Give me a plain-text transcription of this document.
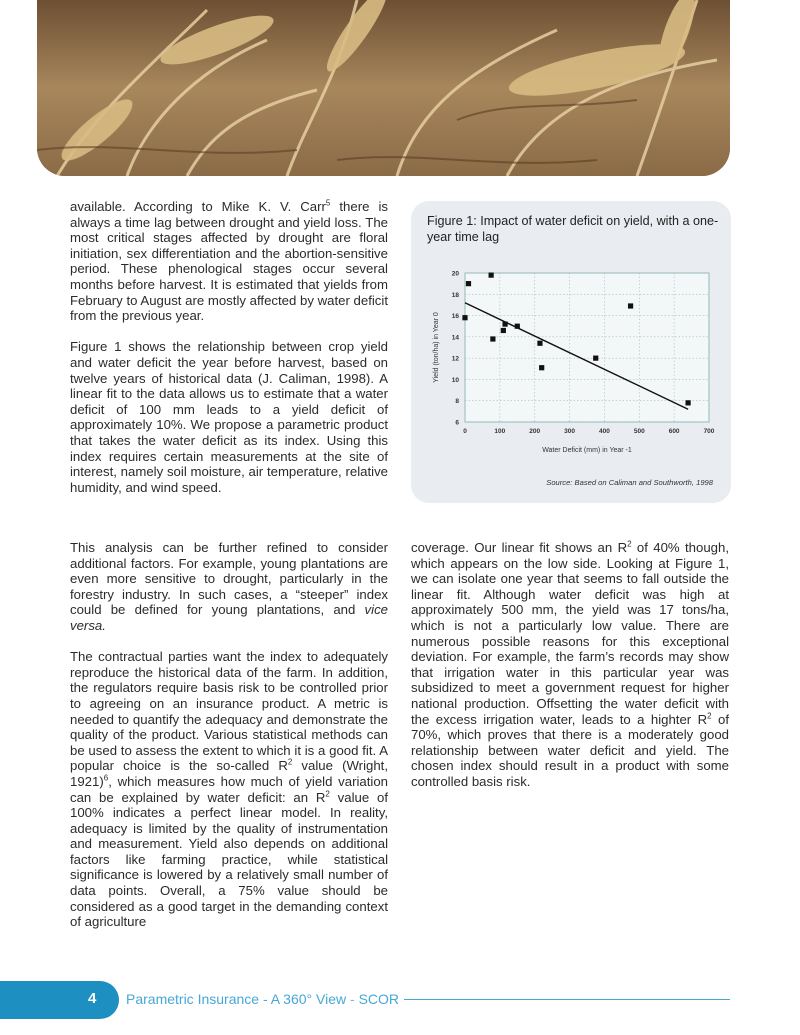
available. According to Mike K. V. Carr$^5$ there is always a time lag between drought and yield loss. The most critical stages affected by drought are floral initiation, sex differentiation and the abortion-sensitive period. These phenological stages occur several months before harvest. It is estimated that yields from February to August are mostly affected by water deficit from the previous year.

Figure 1 shows the relationship between crop yield and water deficit the year before harvest, based on twelve years of historical data (J. Caliman, 1998). A linear fit to the data allows us to estimate that a water deficit of 100 mm leads to a yield deficit of approximately 10%. We propose a parametric product that takes the water deficit as its index. Using this index requires certain measurements at the site of interest, namely soil moisture, air temperature, relative humidity, and wind speed.

This analysis can be further refined to consider additional factors. For example, young plantations are even more sensitive to drought, particularly in the forestry industry. In such cases, a “steeper” index could be defined for young plantations, and vice versa.

The contractual parties want the index to adequately reproduce the historical data of the farm. In addition, the regulators require basis risk to be controlled prior to agreeing on an insurance product. A metric is needed to quantify the adequacy and demonstrate the quality of the product. Various statistical methods can be used to assess the extent to which it is a good fit. A popular choice is the so-called $R^2$ value (Wright, 1921)$^6$, which measures how much of yield variation can be explained by water deficit: an $R^2$ value of 100% indicates a perfect linear model. In reality, adequacy is limited by the quality of instrumentation and measurement. Yield also depends on additional factors like farming practice, while statistical significance is lowered by a relatively small number of data points. Overall, a 75% value should be considered as a good target in the demanding context of agriculture

coverage. Our linear fit shows an $R^2$ of 40% though, which appears on the low side. Looking at Figure 1, we can isolate one year that seems to fall outside the linear fit. Although water deficit was high at approximately 500 mm, the yield was 17 tons/ha, which is not a particularly low value. There are numerous possible reasons for this exceptional deviation. For example, the farm’s records may show that irrigation water in this particular year was subsidized to meet a government request for higher national production. Offsetting the water deficit with the excess irrigation water, leads to a highter $R^2$ of 70%, which proves that there is a moderately good relationship between water deficit and yield. The chosen index should result in a product with some controlled basis risk.

Figure 1: Impact of water deficit on yield, with a one-year time lag
0	100	200	300	400	500	600	700
6
8
10
12
14
16
18
20
Water Deficit (mm) in Year -1
Yield (ton/ha) in Year 0
Source: Based on Caliman and Southworth, 1998
4 Parametric Insurance - A 360° View - SCOR
